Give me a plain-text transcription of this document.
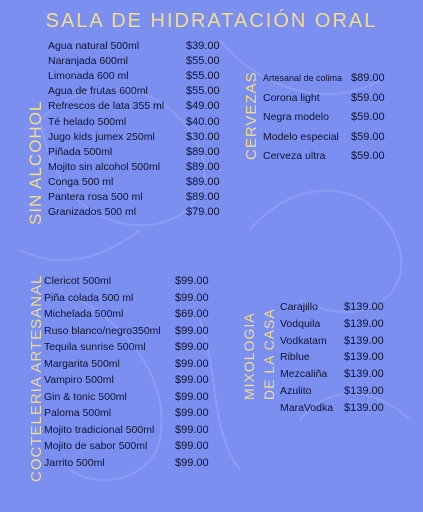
SALA DE HIDRATACIÓN ORAL
SIN ALCOHOL
Agua natural 500ml	$39.00
Naranjada 600ml	$55.00
Limonada 600 ml	$55.00
Agua de frutas 600ml	$55.00
Refrescos de lata 355 ml $49.00
Té helado 500ml	$40.00
Jugo kids jumex 250ml	$30.00
Piñada 500ml	$89.00
Mojito sin alcohol 500ml $89.00
Conga 500 ml	$89.00
Pantera rosa 500 ml	$89.00
Granizados 500 ml	$79.00
CERVEZAS Artesanal de colima $89.00
Corona light	$59.00
Negra modelo $59.00
Modelo especial $59.00
Cerveza ultra $59.00
COCTELERIA ARTESANAL Clericot 500ml	$99.00
Piña colada 500 ml	$99.00
Michelada 500ml	$69.00
Ruso blanco/negro350ml $99.00
Tequila sunrise 500ml	$99.00
Margarita 500ml	$99.00
Vampiro 500ml	$99.00
Gin & tonic 500ml	$99.00
Paloma 500ml	$99.00
Mojito tradicional 500ml $99.00
Mojito de sabor 500ml	$99.00
Jarrito 500ml	$99.00
MIXOLOGIA DE LA CASA
Carajillo $139.00
Vodquila $139.00
Vodkatam $139.00
Riblue	$139.00
Mezcaliña $139.00
Azulito	$139.00
MaraVodka $139.00
